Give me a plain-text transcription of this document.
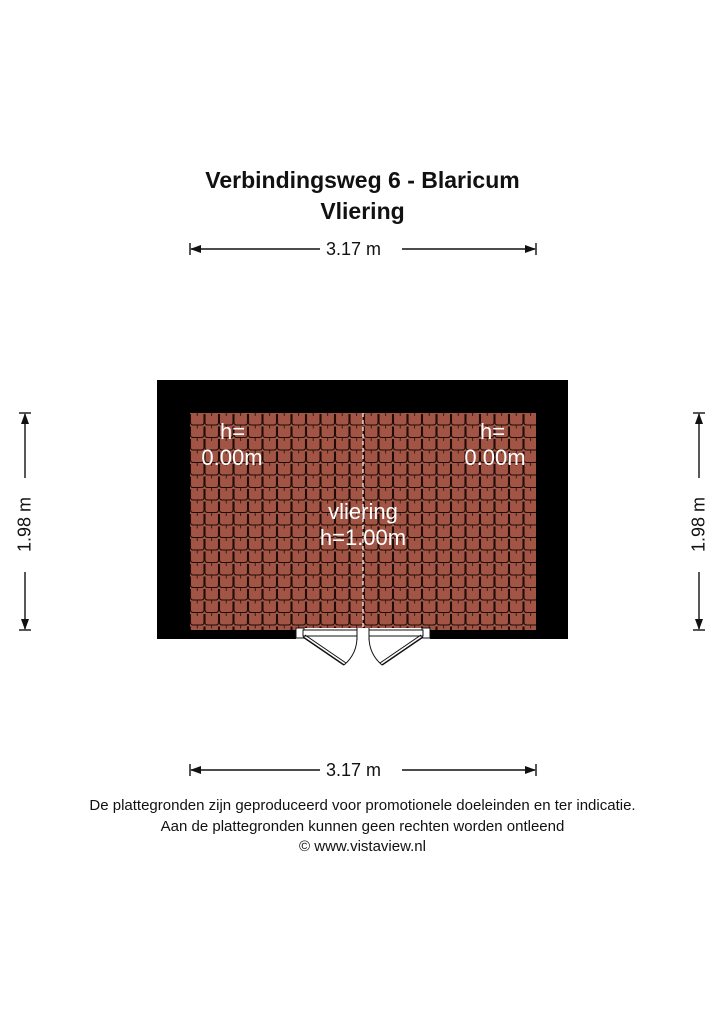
Verbindingsweg 6 - Blaricum
Vliering
3.17 m
3.17 m
1.98 m	1.98 m
h=
0.00m
h=
0.00m
vliering
h=1.00m
De plattegronden zijn geproduceerd voor promotionele doeleinden en ter indicatie.
Aan de plattegronden kunnen geen rechten worden ontleend
© www.vistaview.nl
